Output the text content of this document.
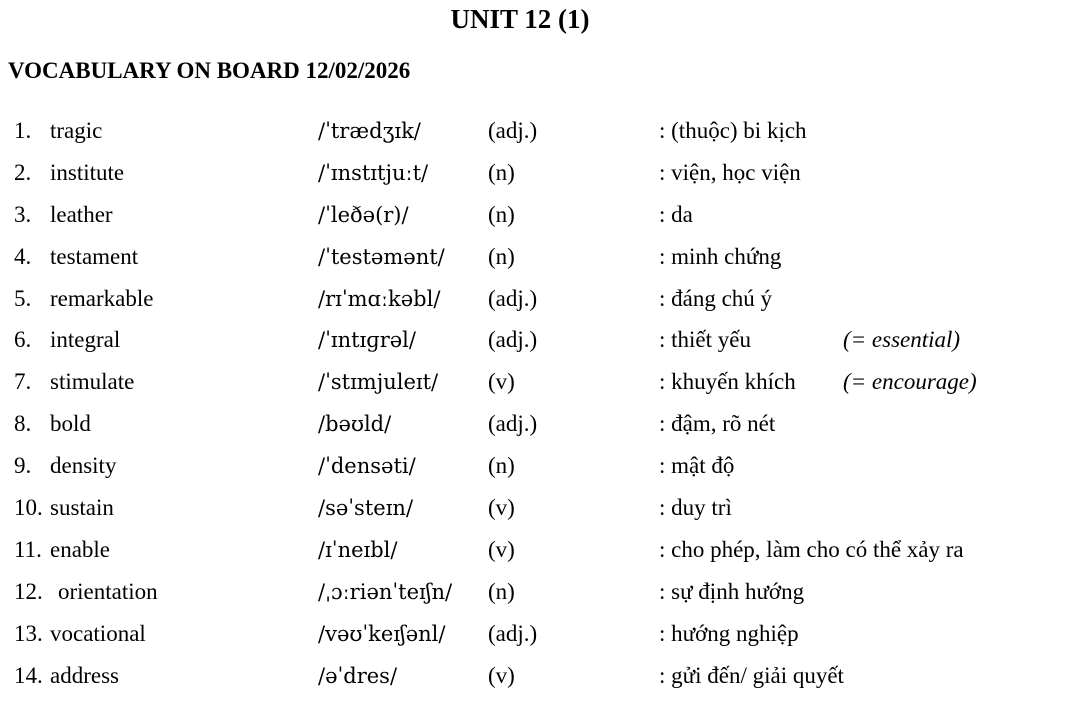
UNIT 12 (1)
VOCABULARY ON BOARD 12/02/2026
1. tragic	/ˈtrædʒɪk/	(adj.)	: (thuộc) bi kịch
2. institute	/ˈɪnstɪtjuːt/	(n)	: viện, học viện
3. leather	/ˈleðə(r)/	(n)	: da
4. testament	/ˈtestəmənt/ (n)	: minh chứng
5. remarkable	/rɪˈmɑːkəbl/ (adj.)	: đáng chú ý
6. integral	/ˈɪntɪɡrəl/	(adj.)	: thiết yếu	(= essential)
7. stimulate	/ˈstɪmjuleɪt/ (v)	: khuyến khích (= encourage)
8. bold	/bəʊld/	(adj.)	: đậm, rõ nét
9. density	/ˈdensəti/	(n)	: mật độ
10. sustain	/səˈsteɪn/	(v)	: duy trì
11. enable	/ɪˈneɪbl/	(v)	: cho phép, làm cho có thể xảy ra
12. orientation	/ˌɔːriənˈteɪʃn/ (n)	: sự định hướng
13. vocational	/vəʊˈkeɪʃənl/ (adj.)	: hướng nghiệp
14. address	/əˈdres/	(v)	: gửi đến/ giải quyết
